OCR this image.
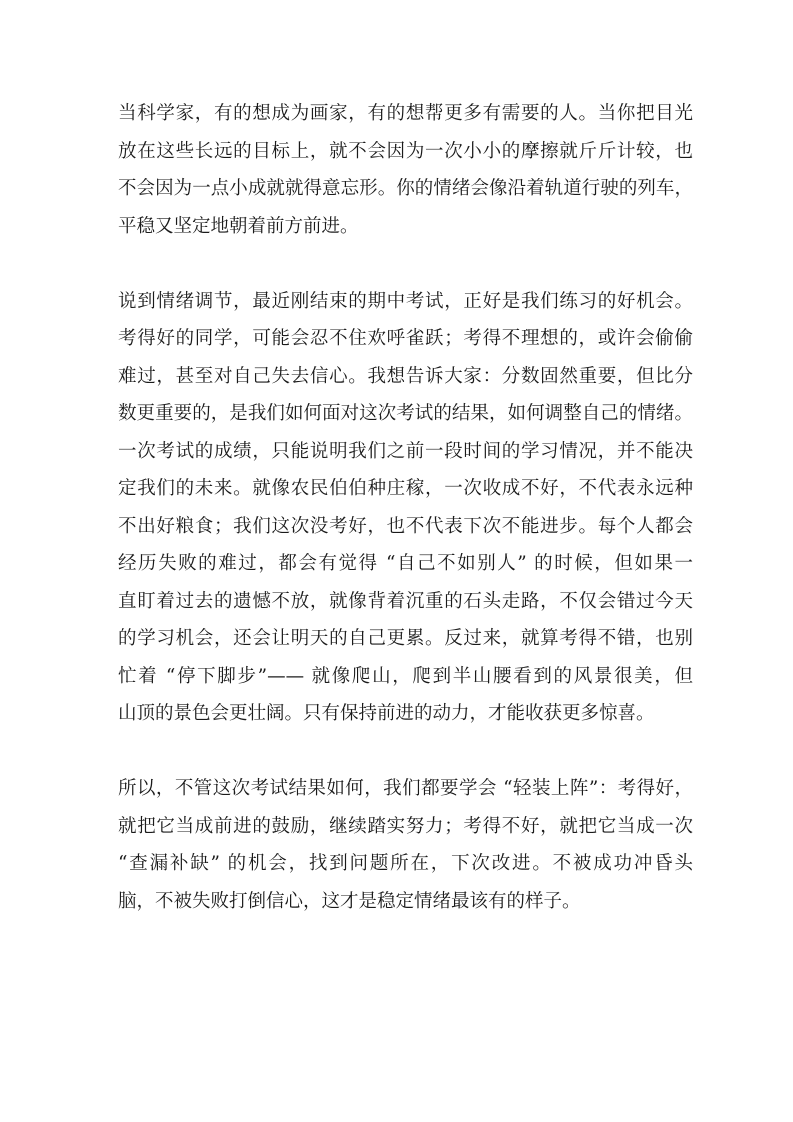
当科学家，有的想成为画家，有的想帮更多有需要的人。当你把目光
放在这些长远的目标上，就不会因为一次小小的摩擦就斤斤计较，也
不会因为一点小成就就得意忘形。你的情绪会像沿着轨道行驶的列车，
平稳又坚定地朝着前方前进。

说到情绪调节，最近刚结束的期中考试，正好是我们练习的好机会。
考得好的同学，可能会忍不住欢呼雀跃；考得不理想的，或许会偷偷
难过，甚至对自己失去信心。我想告诉大家：分数固然重要，但比分
数更重要的，是我们如何面对这次考试的结果，如何调整自己的情绪。
一次考试的成绩，只能说明我们之前一段时间的学习情况，并不能决
定我们的未来。就像农民伯伯种庄稼，一次收成不好，不代表永远种
不出好粮食；我们这次没考好，也不代表下次不能进步。每个人都会
经历失败的难过，都会有觉得 “自己不如别人” 的时候，但如果一
直盯着过去的遗憾不放，就像背着沉重的石头走路，不仅会错过今天
的学习机会，还会让明天的自己更累。反过来，就算考得不错，也别
忙着 “停下脚步”—— 就像爬山，爬到半山腰看到的风景很美，但
山顶的景色会更壮阔。只有保持前进的动力，才能收获更多惊喜。

所以，不管这次考试结果如何，我们都要学会 “轻装上阵”：考得好，
就把它当成前进的鼓励，继续踏实努力；考得不好，就把它当成一次
“查漏补缺” 的机会，找到问题所在，下次改进。不被成功冲昏头
脑，不被失败打倒信心，这才是稳定情绪最该有的样子。
